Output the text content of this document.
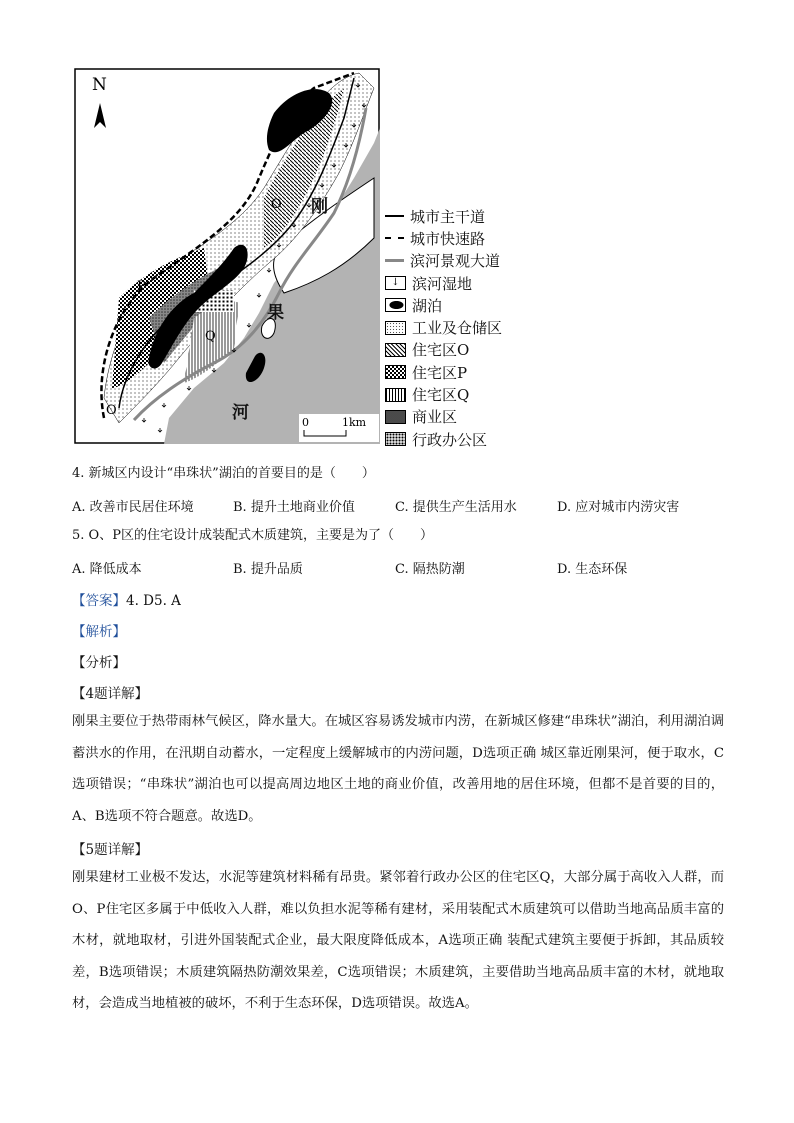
N
O
P
Q
O
刚
果
河	0	1km
城市主干道
城市快速路
滨河景观大道
↓ 滨河湿地
湖泊
工业及仓储区
住宅区O
住宅区P
住宅区Q
商业区
行政办公区
4. 新城区内设计“串珠状”湖泊的首要目的是（　　）
A. 改善市民居住环境	B. 提升土地商业价值	C. 提供生产生活用水	D. 应对城市内涝灾害
5. O、P区的住宅设计成装配式木质建筑，主要是为了（　　）
A. 降低成本	B. 提升品质	C. 隔热防潮	D. 生态环保
【答案】4. D5. A
【解析】
【分析】
【4题详解】
刚果主要位于热带雨林气候区，降水量大。在城区容易诱发城市内涝，在新城区修建“串珠状”湖泊，利用湖泊调蓄洪水的作用，在汛期自动蓄水，一定程度上缓解城市的内涝问题，D选项正确 城区靠近刚果河，便于取水，C选项错误；“串珠状”湖泊也可以提高周边地区土地的商业价值，改善用地的居住环境，但都不是首要的目的，A、B选项不符合题意。故选D。
【5题详解】
刚果建材工业极不发达，水泥等建筑材料稀有昂贵。紧邻着行政办公区的住宅区Q，大部分属于高收入人群，而O、P住宅区多属于中低收入人群，难以负担水泥等稀有建材，采用装配式木质建筑可以借助当地高品质丰富的木材，就地取材，引进外国装配式企业，最大限度降低成本，A选项正确 装配式建筑主要便于拆卸，其品质较差，B选项错误；木质建筑隔热防潮效果差，C选项错误；木质建筑，主要借助当地高品质丰富的木材，就地取材，会造成当地植被的破坏，不利于生态环保，D选项错误。故选A。
